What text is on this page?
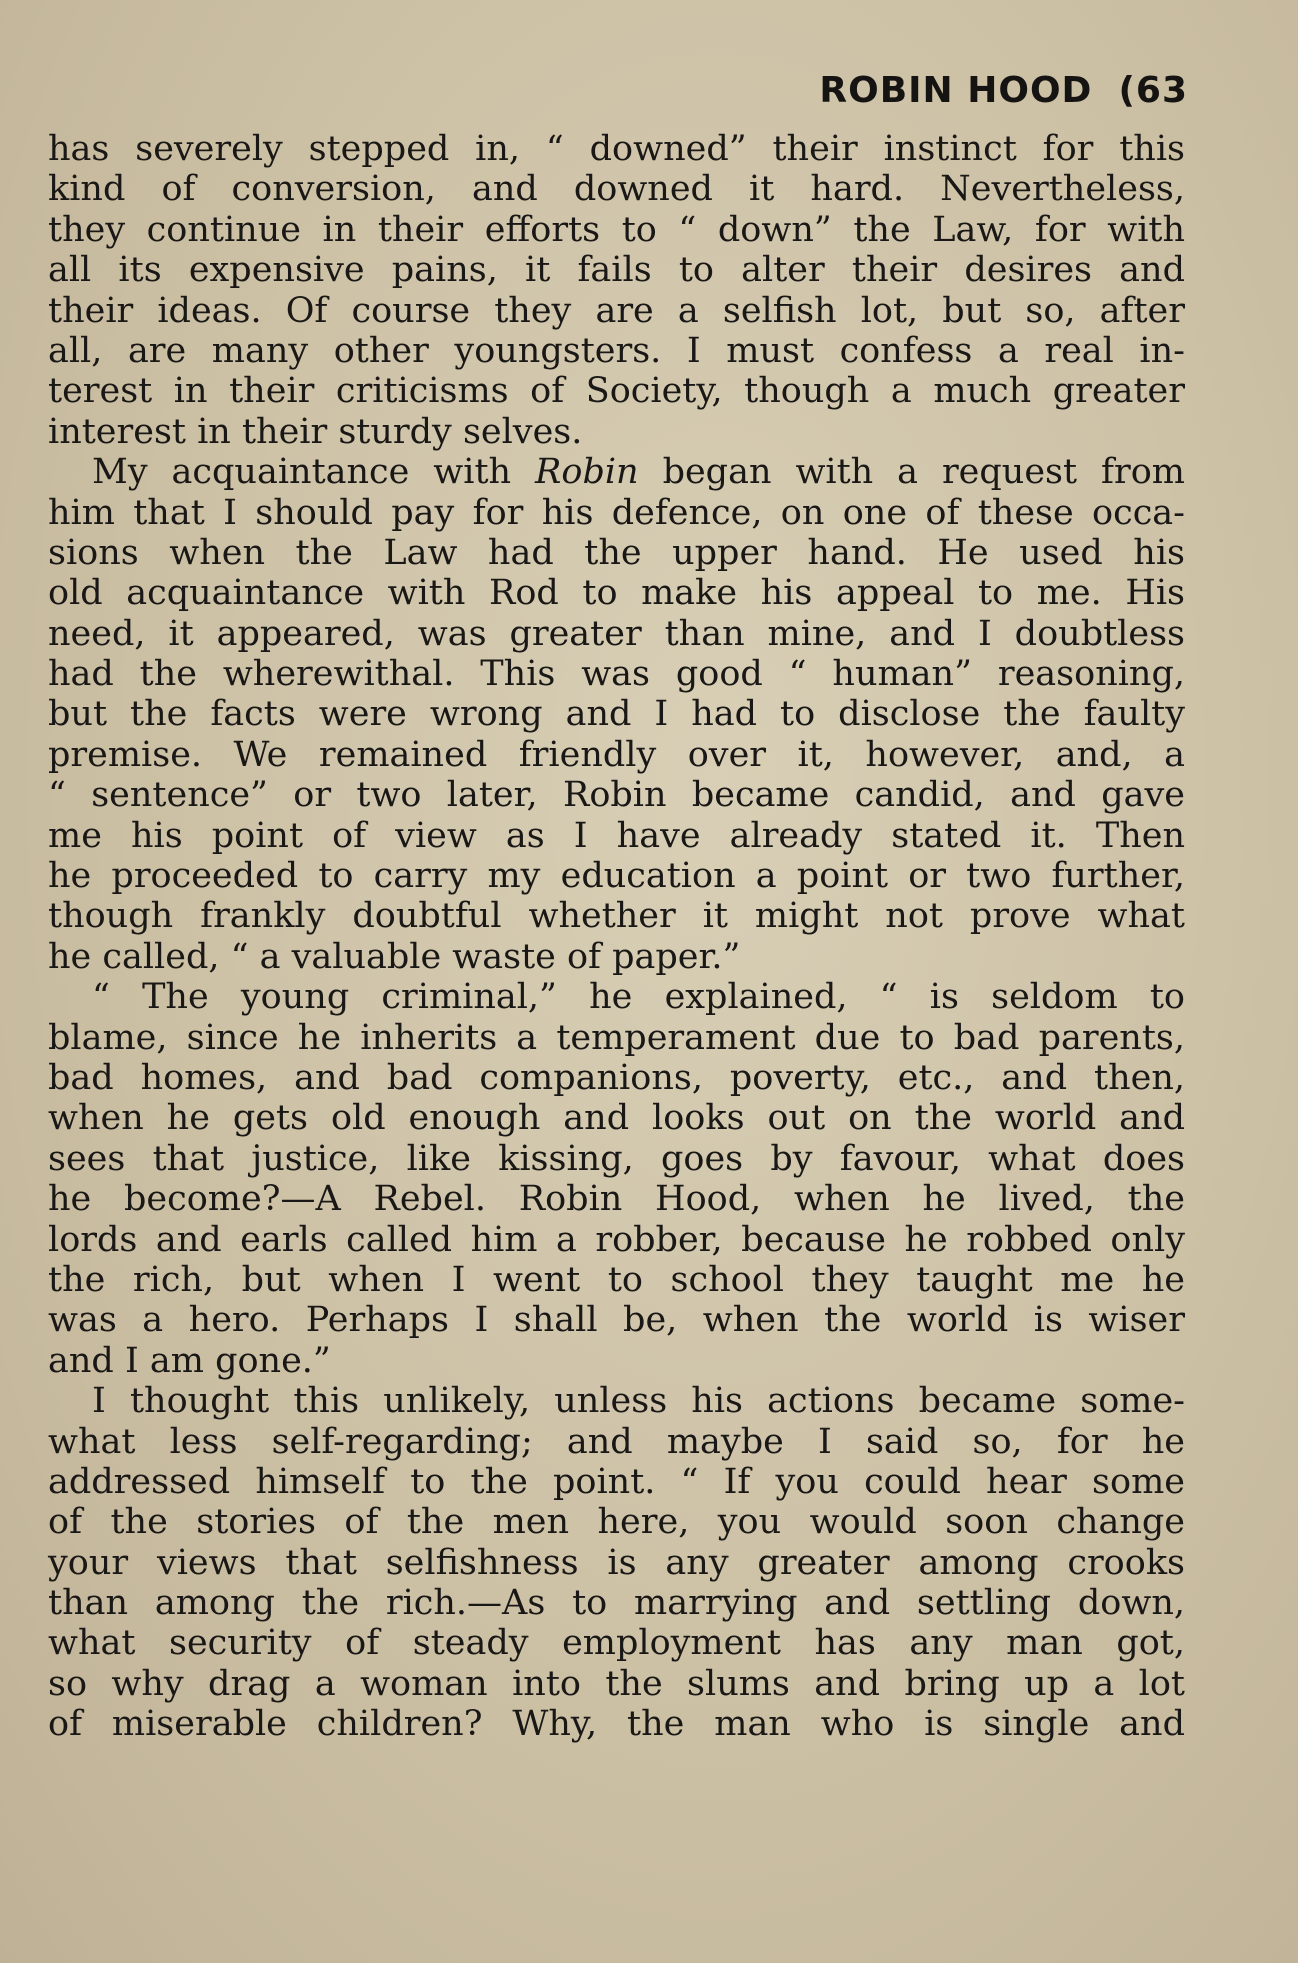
ROBIN HOOD (63
has severely stepped in, “ downed” their instinct for this
kind of conversion, and downed it hard. Nevertheless,
they continue in their efforts to “ down” the Law, for with
all its expensive pains, it fails to alter their desires and
their ideas. Of course they are a selfish lot, but so, after
all, are many other youngsters. I must confess a real in-
terest in their criticisms of Society, though a much greater
interest in their sturdy selves.
My acquaintance with Robin began with a request from
him that I should pay for his defence, on one of these occa-
sions when the Law had the upper hand. He used his
old acquaintance with Rod to make his appeal to me. His
need, it appeared, was greater than mine, and I doubtless
had the wherewithal. This was good “ human” reasoning,
but the facts were wrong and I had to disclose the faulty
premise. We remained friendly over it, however, and, a
“ sentence” or two later, Robin became candid, and gave
me his point of view as I have already stated it. Then
he proceeded to carry my education a point or two further,
though frankly doubtful whether it might not prove what
he called, “ a valuable waste of paper.”
“ The young criminal,” he explained, “ is seldom to
blame, since he inherits a temperament due to bad parents,
bad homes, and bad companions, poverty, etc., and then,
when he gets old enough and looks out on the world and
sees that justice, like kissing, goes by favour, what does
he become?—A Rebel. Robin Hood, when he lived, the
lords and earls called him a robber, because he robbed only
the rich, but when I went to school they taught me he
was a hero. Perhaps I shall be, when the world is wiser
and I am gone.”
I thought this unlikely, unless his actions became some-
what less self-regarding; and maybe I said so, for he
addressed himself to the point. “ If you could hear some
of the stories of the men here, you would soon change
your views that selfishness is any greater among crooks
than among the rich.—As to marrying and settling down,
what security of steady employment has any man got,
so why drag a woman into the slums and bring up a lot
of miserable children? Why, the man who is single and
